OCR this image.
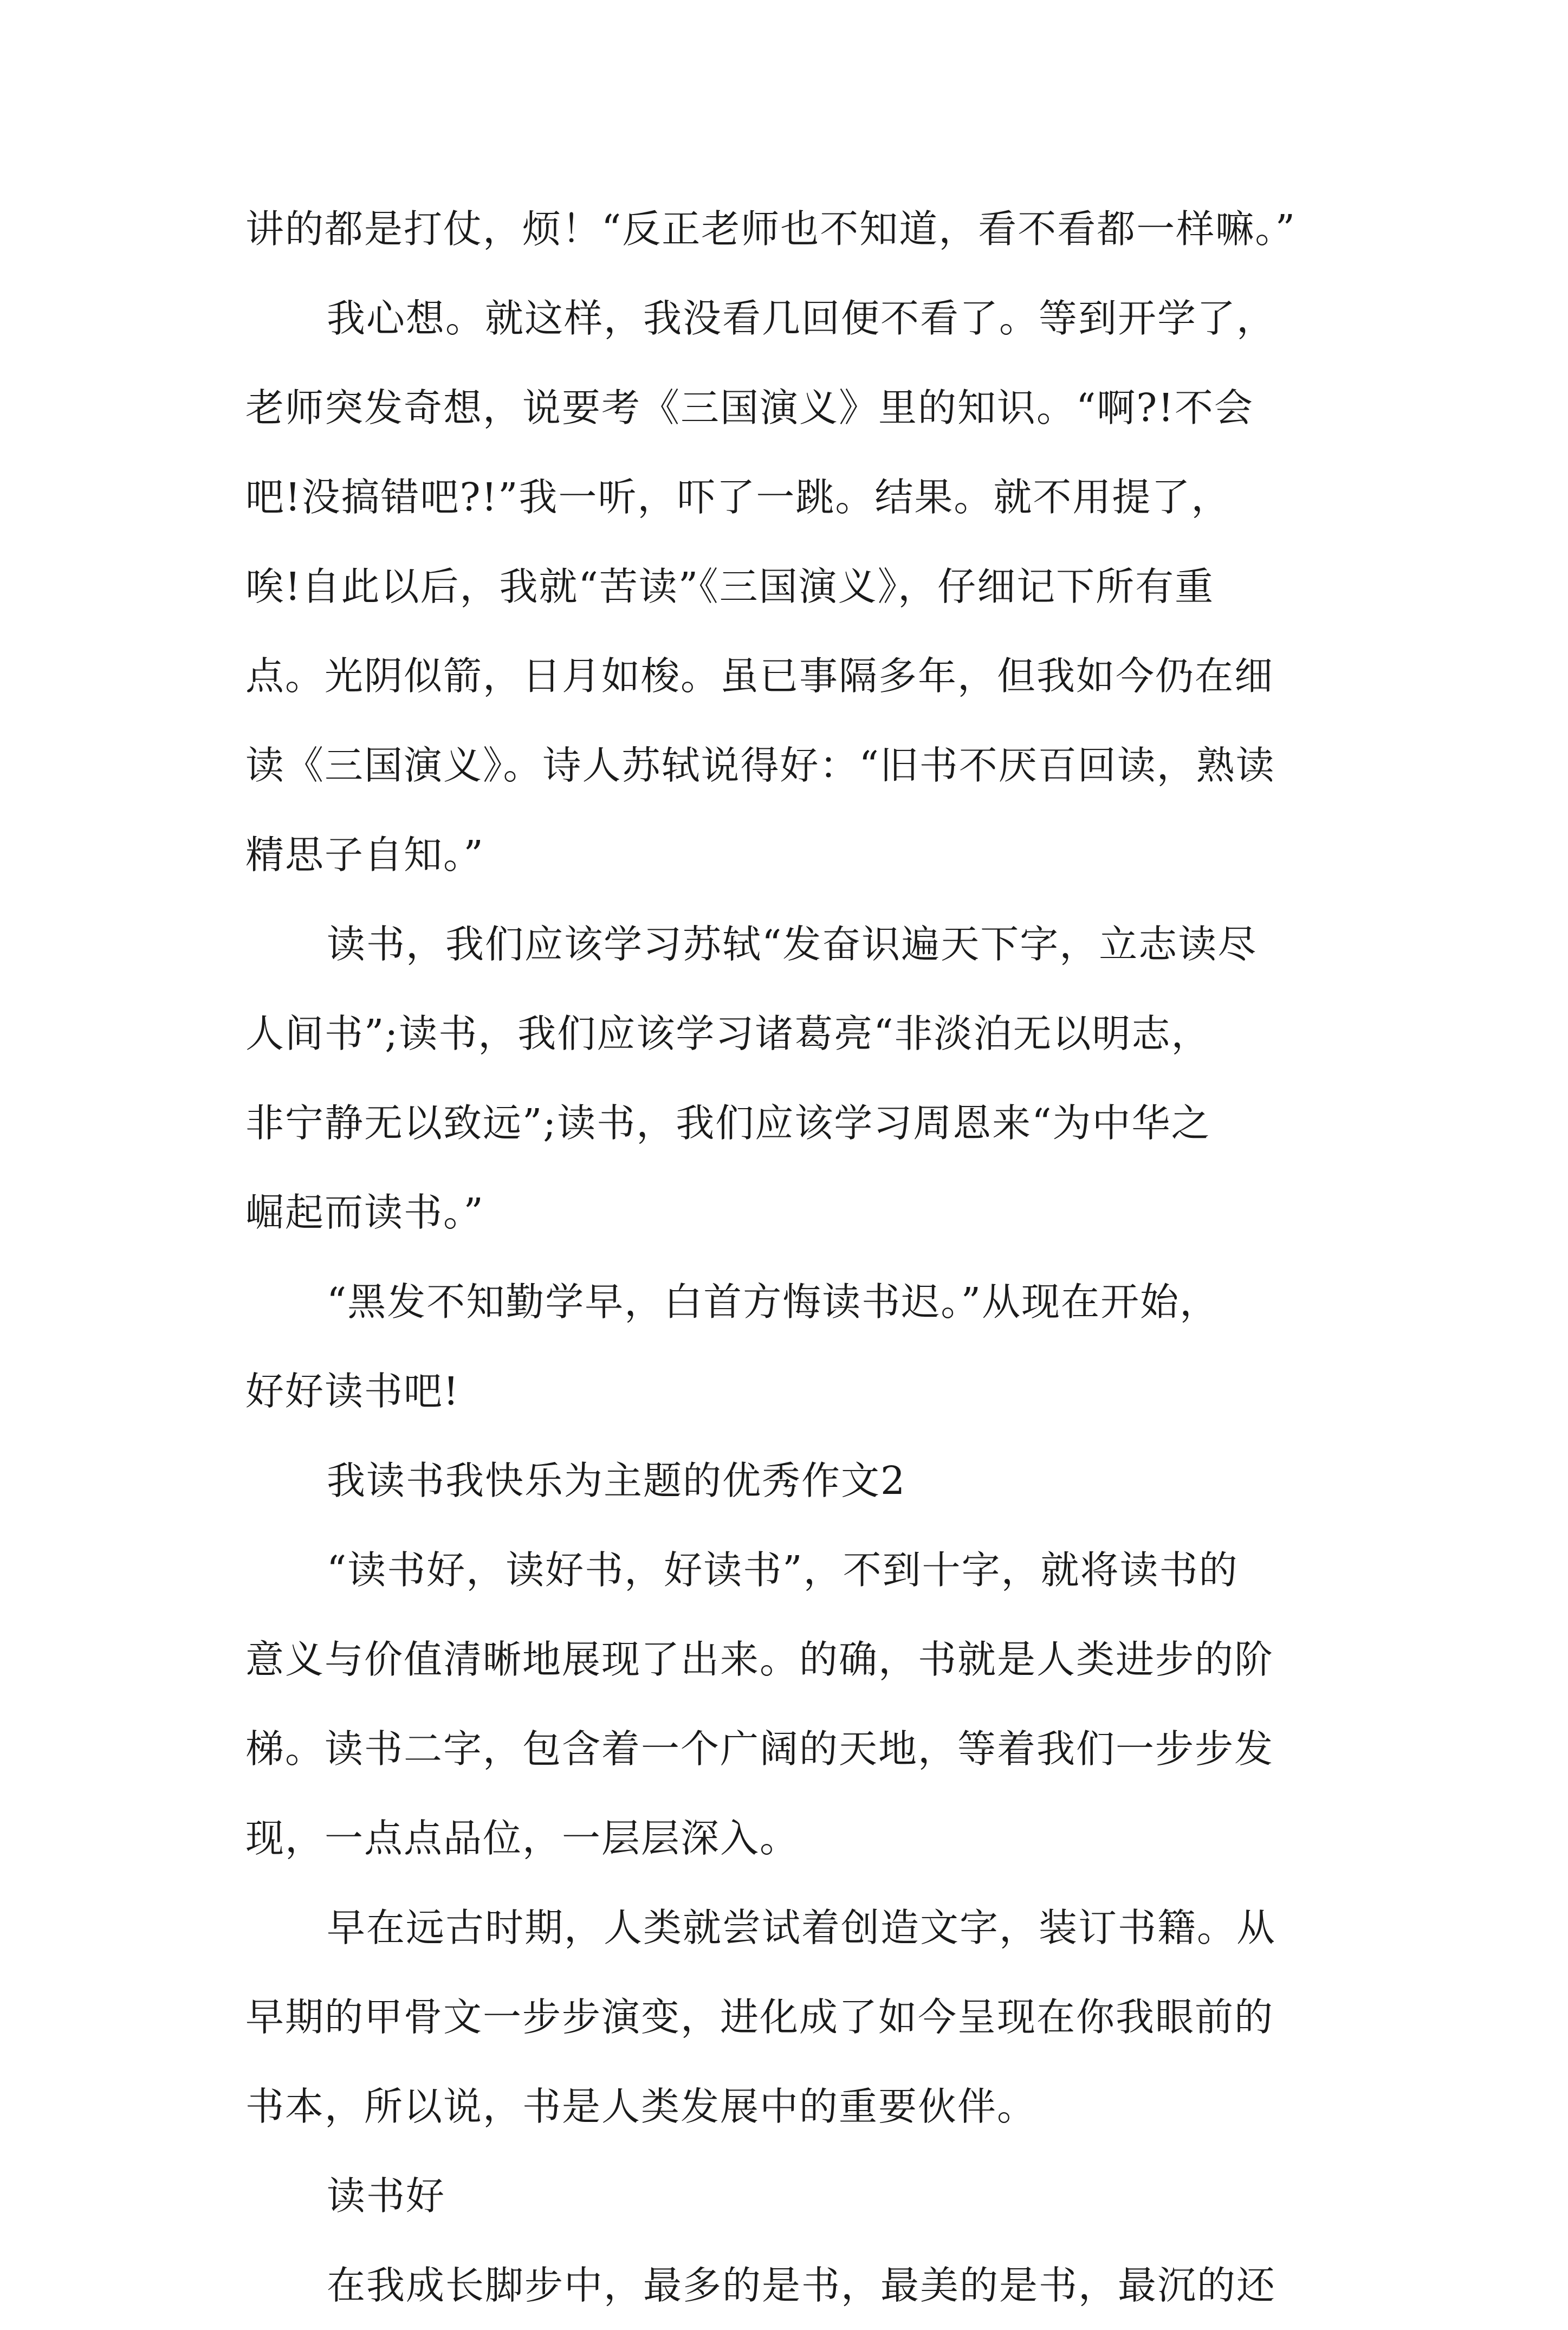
讲的都是打仗，烦！“反正老师也不知道，看不看都一样嘛。”
我心想。就这样，我没看几回便不看了。等到开学了，
老师突发奇想，说要考《三国演义》里的知识。“啊?!不会
吧!没搞错吧?!”我一听，吓了一跳。结果。就不用提了，
唉!自此以后，我就“苦读”《三国演义》，仔细记下所有重
点。光阴似箭，日月如梭。虽已事隔多年，但我如今仍在细
读《三国演义》。诗人苏轼说得好：“旧书不厌百回读，熟读
精思子自知。”
读书，我们应该学习苏轼“发奋识遍天下字，立志读尽
人间书”;读书，我们应该学习诸葛亮“非淡泊无以明志，
非宁静无以致远”;读书，我们应该学习周恩来“为中华之
崛起而读书。”
“黑发不知勤学早，白首方悔读书迟。”从现在开始，
好好读书吧!
我读书我快乐为主题的优秀作文2
“读书好，读好书，好读书”，不到十字，就将读书的
意义与价值清晰地展现了出来。的确，书就是人类进步的阶
梯。读书二字，包含着一个广阔的天地，等着我们一步步发
现，一点点品位，一层层深入。
早在远古时期，人类就尝试着创造文字，装订书籍。从
早期的甲骨文一步步演变，进化成了如今呈现在你我眼前的
书本，所以说，书是人类发展中的重要伙伴。
读书好
在我成长脚步中，最多的是书，最美的是书，最沉的还
